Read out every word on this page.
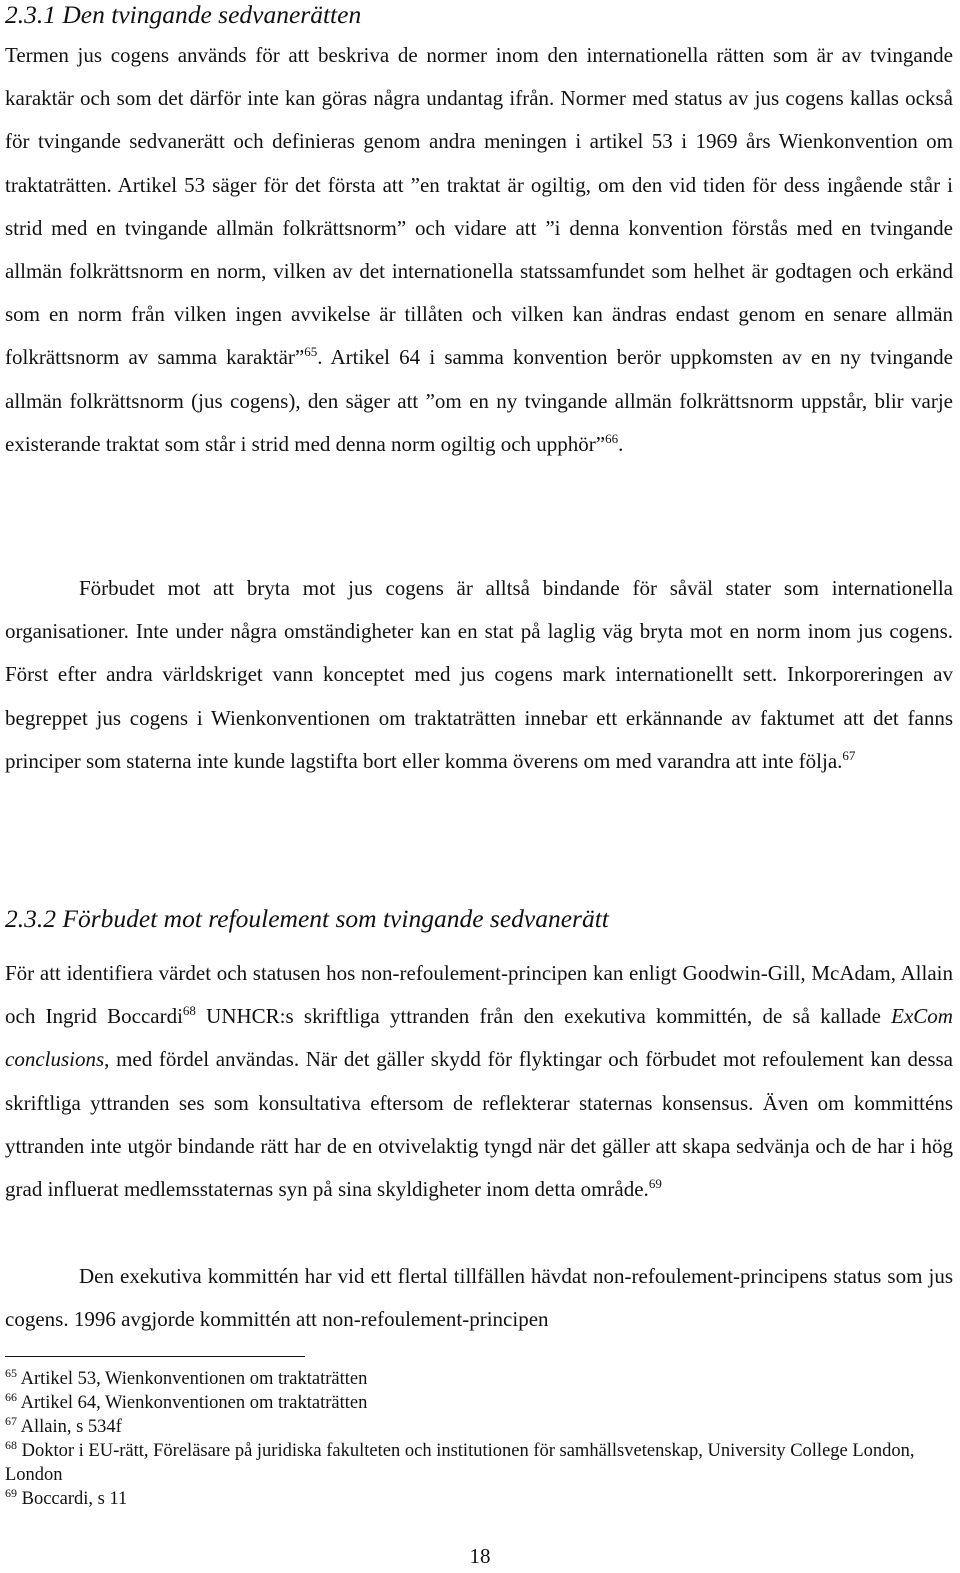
2.3.1 Den tvingande sedvanerätten

Termen jus cogens används för att beskriva de normer inom den internationella rätten som är av tvingande karaktär och som det därför inte kan göras några undantag ifrån. Normer med status av jus cogens kallas också för tvingande sedvanerätt och definieras genom andra meningen i artikel 53 i 1969 års Wienkonvention om traktaträtten. Artikel 53 säger för det första att ”en traktat är ogiltig, om den vid tiden för dess ingående står i strid med en tvingande allmän folkrättsnorm” och vidare att ”i denna konvention förstås med en tvingande allmän folkrättsnorm en norm, vilken av det internationella statssamfundet som helhet är godtagen och erkänd som en norm från vilken ingen avvikelse är tillåten och vilken kan ändras endast genom en senare allmän folkrättsnorm av samma karaktär”$^{65}$. Artikel 64 i samma konvention berör uppkomsten av en ny tvingande allmän folkrättsnorm (jus cogens), den säger att ”om en ny tvingande allmän folkrättsnorm uppstår, blir varje existerande traktat som står i strid med denna norm ogiltig och upphör”$^{66}$.

Förbudet mot att bryta mot jus cogens är alltså bindande för såväl stater som internationella organisationer. Inte under några omständigheter kan en stat på laglig väg bryta mot en norm inom jus cogens. Först efter andra världskriget vann konceptet med jus cogens mark internationellt sett. Inkorporeringen av begreppet jus cogens i Wienkonventionen om traktaträtten innebar ett erkännande av faktumet att det fanns principer som staterna inte kunde lagstifta bort eller komma överens om med varandra att inte följa.$^{67}$

2.3.2 Förbudet mot refoulement som tvingande sedvanerätt

För att identifiera värdet och statusen hos non-refoulement-principen kan enligt Goodwin-Gill, McAdam, Allain och Ingrid Boccardi$^{68}$ UNHCR:s skriftliga yttranden från den exekutiva kommittén, de så kallade ExCom conclusions, med fördel användas. När det gäller skydd för flyktingar och förbudet mot refoulement kan dessa skriftliga yttranden ses som konsultativa eftersom de reflekterar staternas konsensus. Även om kommitténs yttranden inte utgör bindande rätt har de en otvivelaktig tyngd när det gäller att skapa sedvänja och de har i hög grad influerat medlemsstaternas syn på sina skyldigheter inom detta område.$^{69}$

Den exekutiva kommittén har vid ett flertal tillfällen hävdat non-refoulement-principens status som jus cogens. 1996 avgjorde kommittén att non-refoulement-principen

$^{65}$ Artikel 53, Wienkonventionen om traktaträtten

$^{66}$ Artikel 64, Wienkonventionen om traktaträtten

$^{67}$ Allain, s 534f

$^{68}$ Doktor i EU-rätt, Föreläsare på juridiska fakulteten och institutionen för samhällsvetenskap, University College London, London

$^{69}$ Boccardi, s 11

18
